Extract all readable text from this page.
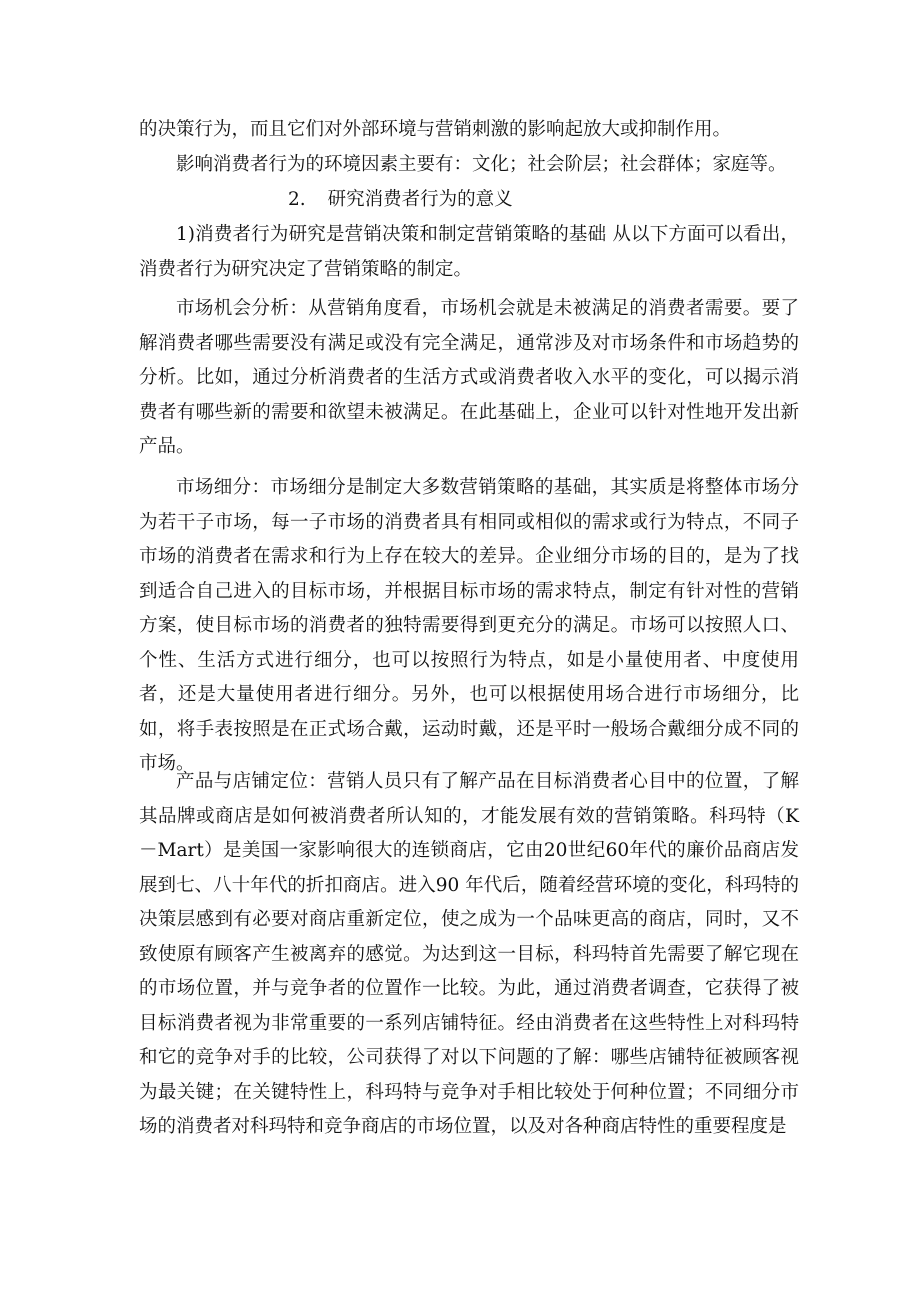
的决策行为，而且它们对外部环境与营销刺激的影响起放大或抑制作用。

影响消费者行为的环境因素主要有：文化；社会阶层；社会群体；家庭等。

2. 研究消费者行为的意义

1)消费者行为研究是营销决策和制定营销策略的基础 从以下方面可以看出，消费者行为研究决定了营销策略的制定。

市场机会分析：从营销角度看，市场机会就是未被满足的消费者需要。要了解消费者哪些需要没有满足或没有完全满足，通常涉及对市场条件和市场趋势的分析。比如，通过分析消费者的生活方式或消费者收入水平的变化，可以揭示消费者有哪些新的需要和欲望未被满足。在此基础上，企业可以针对性地开发出新产品。

市场细分：市场细分是制定大多数营销策略的基础，其实质是将整体市场分为若干子市场，每一子市场的消费者具有相同或相似的需求或行为特点，不同子市场的消费者在需求和行为上存在较大的差异。企业细分市场的目的，是为了找到适合自己进入的目标市场，并根据目标市场的需求特点，制定有针对性的营销方案，使目标市场的消费者的独特需要得到更充分的满足。市场可以按照人口、个性、生活方式进行细分，也可以按照行为特点，如是小量使用者、中度使用者，还是大量使用者进行细分。另外，也可以根据使用场合进行市场细分，比如，将手表按照是在正式场合戴，运动时戴，还是平时一般场合戴细分成不同的市场。

产品与店铺定位：营销人员只有了解产品在目标消费者心目中的位置，了解其品牌或商店是如何被消费者所认知的，才能发展有效的营销策略。科玛特（K－Mart）是美国一家影响很大的连锁商店，它由20世纪60年代的廉价品商店发展到七、八十年代的折扣商店。进入90 年代后，随着经营环境的变化，科玛特的决策层感到有必要对商店重新定位，使之成为一个品味更高的商店，同时，又不致使原有顾客产生被离弃的感觉。为达到这一目标，科玛特首先需要了解它现在的市场位置，并与竞争者的位置作一比较。为此，通过消费者调查，它获得了被目标消费者视为非常重要的一系列店铺特征。经由消费者在这些特性上对科玛特和它的竞争对手的比较，公司获得了对以下问题的了解：哪些店铺特征被顾客视为最关键；在关键特性上，科玛特与竞争对手相比较处于何种位置；不同细分市场的消费者对科玛特和竞争商店的市场位置，以及对各种商店特性的重要程度是
